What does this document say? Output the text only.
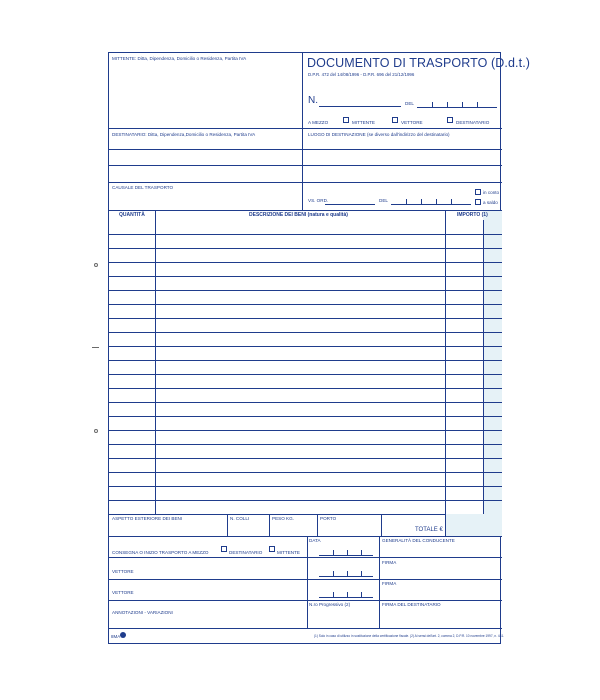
MITTENTE: Ditta, Dipendenza, Domicilio o Residenza, Partita IVA	DOCUMENTO DI TRASPORTO (D.d.t.)
D.P.R. 472 del 14/08/1996 - D.P.R. 696 del 21/12/1996
N.	DEL
A MEZZO	MITTENTE	VETTORE	DESTINATARIO
DESTINATARIO: Ditta, Dipendenza,Domicilio o Residenza, Partita IVA	LUOGO DI DESTINAZIONE (se diverso dall'indirizzo del destinatario)
CAUSALE DEL TRASPORTO
VS. ORD.	DEL
in conto
a saldo
QUANTITÀ	DESCRIZIONE DEI BENI (natura e qualità)	IMPORTO (1)
ASPETTO ESTERIORE DEI BENI	N. COLLI	PESO KG.	PORTO
TOTALE €
CONSEGNA O INIZIO TRASPORTO A MEZZO	DESTINATARIO	MITTENTE
DATA	GENERALITÀ DEL CONDUCENTE
VETTORE
FIRMA
VETTORE
FIRMA
ANNOTAZIONI - VARIAZIONI
N.ro Progressivo (2)	FIRMA DEL DESTINATARIO
8MA	(1) Solo in caso di utilizzo in sostituzione della certificazione fiscale. (2) Ai sensi dell'art. 2, comma 2, D.P.R. 10 novembre 1997, n. 441.
